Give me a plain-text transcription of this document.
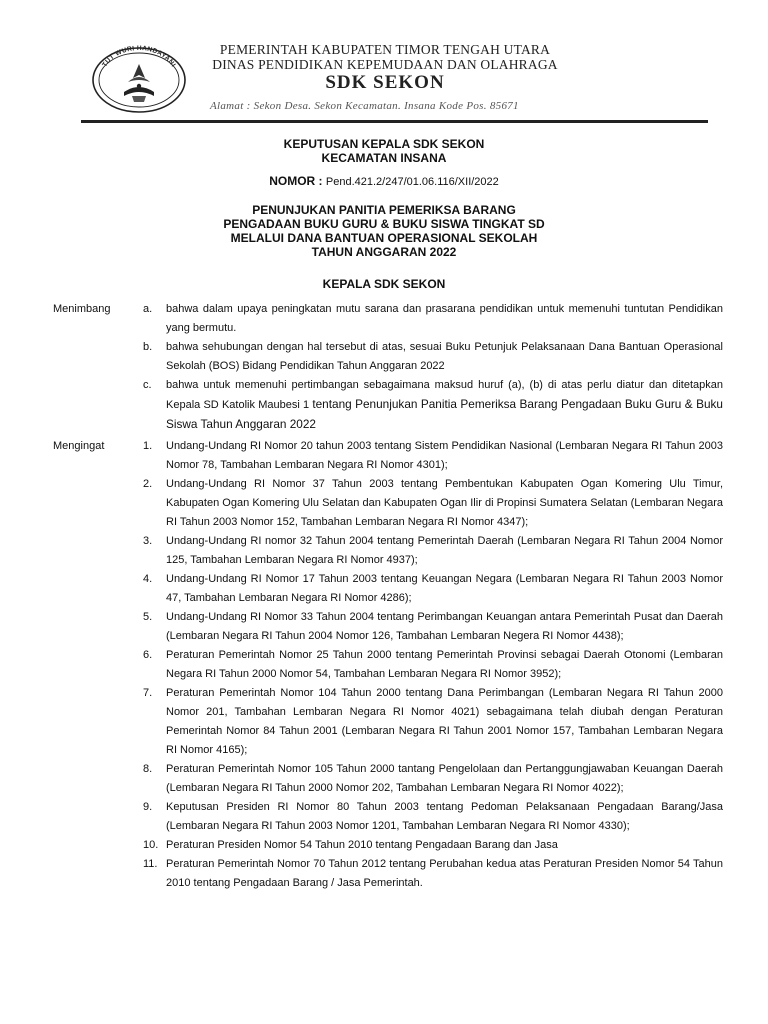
TUT WURI HANDAYANI
PEMERINTAH KABUPATEN TIMOR TENGAH UTARA
DINAS PENDIDIKAN KEPEMUDAAN DAN OLAHRAGA
SDK SEKON
Alamat : Sekon Desa. Sekon Kecamatan. Insana Kode Pos. 85671
KEPUTUSAN KEPALA SDK SEKON
KECAMATAN INSANA
NOMOR : Pend.421.2/247/01.06.116/XII/2022
PENUNJUKAN PANITIA PEMERIKSA BARANG
PENGADAAN BUKU GURU & BUKU SISWA TINGKAT SD
MELALUI DANA BANTUAN OPERASIONAL SEKOLAH
TAHUN ANGGARAN 2022
KEPALA SDK SEKON
Menimbang	a.	bahwa dalam upaya peningkatan mutu sarana dan prasarana pendidikan untuk memenuhi tuntutan Pendidikan yang bermutu.
b.	bahwa sehubungan dengan hal tersebut di atas, sesuai Buku Petunjuk Pelaksanaan Dana Bantuan Operasional Sekolah (BOS) Bidang Pendidikan Tahun Anggaran 2022
c.	bahwa untuk memenuhi pertimbangan sebagaimana maksud huruf (a), (b) di atas perlu diatur dan ditetapkan Kepala SD Katolik Maubesi 1 tentang Penunjukan Panitia Pemeriksa Barang Pengadaan Buku Guru & Buku Siswa Tahun Anggaran 2022
Mengingat	1.	Undang-Undang RI Nomor 20 tahun 2003 tentang Sistem Pendidikan Nasional (Lembaran Negara RI Tahun 2003 Nomor 78, Tambahan Lembaran Negara RI Nomor 4301);
2.	Undang-Undang RI Nomor 37 Tahun 2003 tentang Pembentukan Kabupaten Ogan Komering Ulu Timur, Kabupaten Ogan Komering Ulu Selatan dan Kabupaten Ogan Ilir di Propinsi Sumatera Selatan (Lembaran Negara RI Tahun 2003 Nomor 152, Tambahan Lembaran Negara RI Nomor 4347);
3.	Undang-Undang RI nomor 32 Tahun 2004 tentang Pemerintah Daerah (Lembaran Negara RI Tahun 2004 Nomor 125, Tambahan Lembaran Negara RI Nomor 4937);
4.	Undang-Undang RI Nomor 17 Tahun 2003 tentang Keuangan Negara (Lembaran Negara RI Tahun 2003 Nomor 47, Tambahan Lembaran Negara RI Nomor 4286);
5.	Undang-Undang RI Nomor 33 Tahun 2004 tentang Perimbangan Keuangan antara Pemerintah Pusat dan Daerah (Lembaran Negara RI Tahun 2004 Nomor 126, Tambahan Lembaran Negera RI Nomor 4438);
6.	Peraturan Pemerintah Nomor 25 Tahun 2000 tentang Pemerintah Provinsi sebagai Daerah Otonomi (Lembaran Negara RI Tahun 2000 Nomor 54, Tambahan Lembaran Negara RI Nomor 3952);
7.	Peraturan Pemerintah Nomor 104 Tahun 2000 tentang Dana Perimbangan (Lembaran Negara RI Tahun 2000 Nomor 201, Tambahan Lembaran Negara RI Nomor 4021) sebagaimana telah diubah dengan Peraturan Pemerintah Nomor 84 Tahun 2001 (Lembaran Negara RI Tahun 2001 Nomor 157, Tambahan Lembaran Negara RI Nomor 4165);
8.	Peraturan Pemerintah Nomor 105 Tahun 2000 tantang Pengelolaan dan Pertanggungjawaban Keuangan Daerah (Lembaran Negara RI Tahun 2000 Nomor 202, Tambahan Lembaran Negara RI Nomor 4022);
9.	Keputusan Presiden RI Nomor 80 Tahun 2003 tentang Pedoman Pelaksanaan Pengadaan Barang/Jasa (Lembaran Negara RI Tahun 2003 Nomor 1201, Tambahan Lembaran Negara RI Nomor 4330);
10. Peraturan Presiden Nomor 54 Tahun 2010 tentang Pengadaan Barang dan Jasa
11. Peraturan Pemerintah Nomor 70 Tahun 2012 tentang Perubahan kedua atas Peraturan Presiden Nomor 54 Tahun 2010 tentang Pengadaan Barang / Jasa Pemerintah.
